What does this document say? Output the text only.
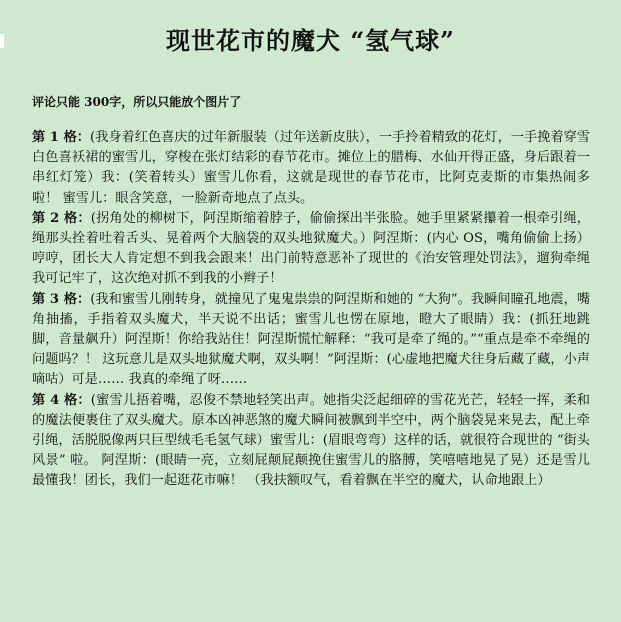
现世花市的魔犬 “氢气球”
评论只能 300字，所以只能放个图片了

第 1 格：(我身着红色喜庆的过年新服装（过年送新皮肤），一手拎着精致的花灯，一手挽着穿雪白色喜袄裙的蜜雪儿，穿梭在张灯结彩的春节花市。摊位上的腊梅、水仙开得正盛，身后跟着一串红灯笼）我：(笑着转头）蜜雪儿你看，这就是现世的春节花市，比阿克麦斯的市集热闹多啦！ 蜜雪儿：眼含笑意，一脸新奇地点了点头。

第 2 格：(拐角处的柳树下，阿涅斯缩着脖子，偷偷探出半张脸。她手里紧紧攥着一根牵引绳，绳那头拴着吐着舌头、晃着两个大脑袋的双头地狱魔犬。）阿涅斯：(内心 OS，嘴角偷偷上扬）哼哼，团长大人肯定想不到我会跟来！出门前特意恶补了现世的《治安管理处罚法》，遛狗牵绳我可记牢了，这次绝对抓不到我的小辫子！

第 3 格：(我和蜜雪儿刚转身，就撞见了鬼鬼祟祟的阿涅斯和她的 “大狗”。我瞬间瞳孔地震，嘴角抽搐，手指着双头魔犬，半天说不出话；蜜雪儿也愣在原地，瞪大了眼睛）我：(抓狂地跳脚，音量飙升）阿涅斯！你给我站住！阿涅斯慌忙解释：“我可是牵了绳的。”“重点是牵不牵绳的问题吗？！ 这玩意儿是双头地狱魔犬啊，双头啊！”阿涅斯：(心虚地把魔犬往身后藏了藏，小声嘀咕）可是…… 我真的牵绳了呀……

第 4 格：(蜜雪儿捂着嘴，忍俊不禁地轻笑出声。她指尖泛起细碎的雪花光芒，轻轻一挥，柔和的魔法便裹住了双头魔犬。原本凶神恶煞的魔犬瞬间被飘到半空中，两个脑袋晃来晃去，配上牵引绳，活脱脱像两只巨型绒毛毛氢气球）蜜雪儿：(眉眼弯弯）这样的话，就很符合现世的 “街头风景” 啦。 阿涅斯：(眼睛一亮，立刻屁颠屁颠挽住蜜雪儿的胳膊，笑嘻嘻地晃了晃）还是雪儿最懂我！团长，我们一起逛花市嘛！ （我扶额叹气，看着飘在半空的魔犬，认命地跟上）
